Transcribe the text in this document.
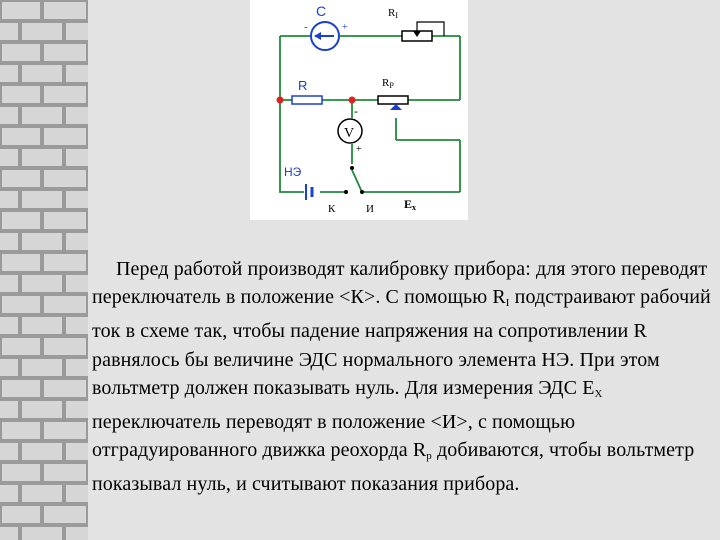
+
-
С	RI
R	RP
V
-
+
НЭ
К	И	Ex

Перед работой производят калибровку прибора: для этого переводят переключатель в положение <К>. С помощью $R_I$ подстраивают рабочий ток в схеме так, чтобы падение напряжения на сопротивлении R равнялось бы величине ЭДС нормального элемента НЭ. При этом вольтметр должен показывать нуль. Для измерения ЭДС $E_X$ переключатель переводят в положение <И>, с помощью отградуированного движка реохорда $R_p$ добиваются, чтобы вольтметр показывал нуль, и считывают показания прибора.
